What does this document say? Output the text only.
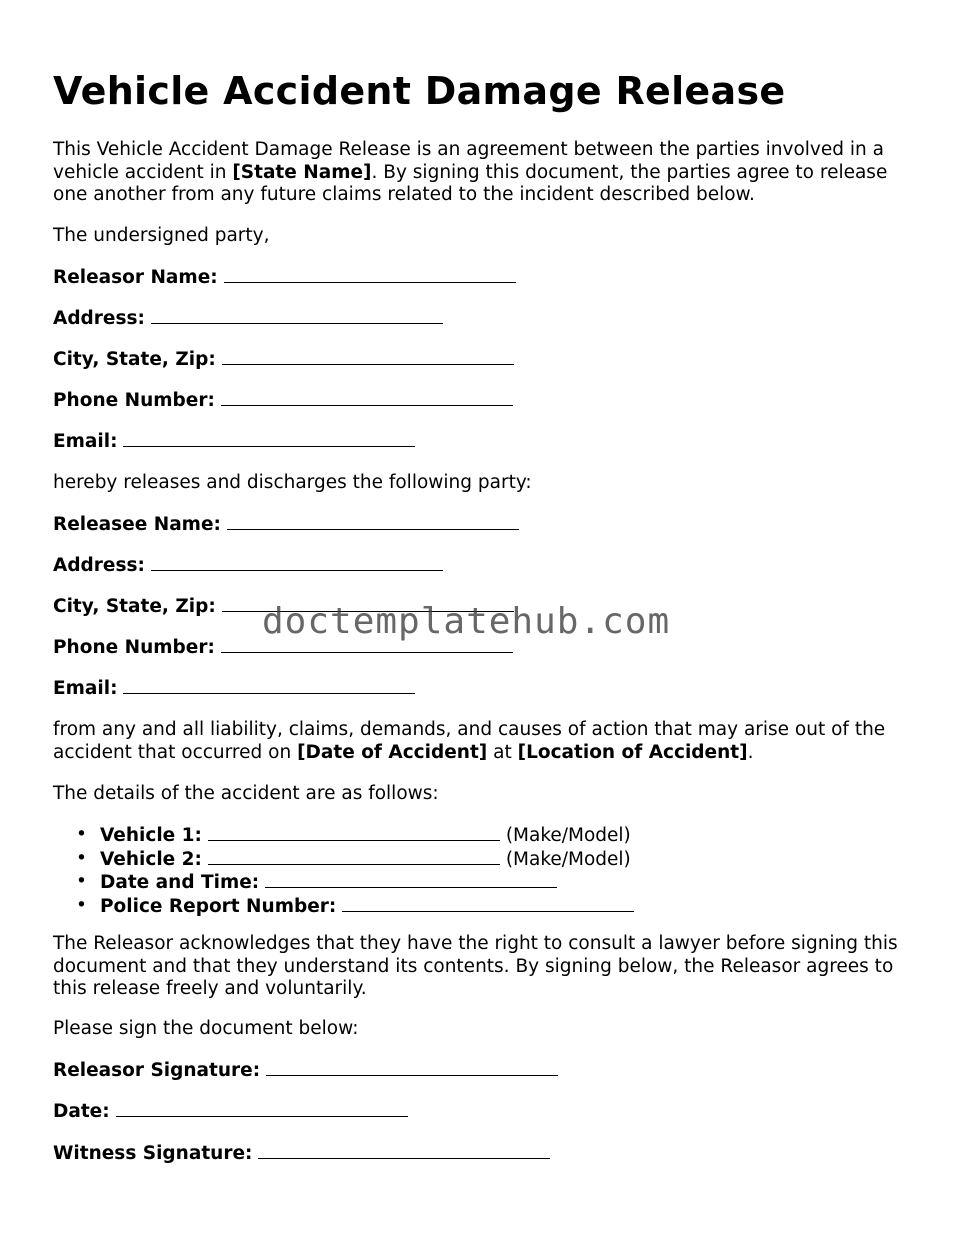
Vehicle Accident Damage Release

This Vehicle Accident Damage Release is an agreement between the parties involved in a
vehicle accident in [State Name]. By signing this document, the parties agree to release
one another from any future claims related to the incident described below.

The undersigned party,

Releasor Name:

Address:

City, State, Zip:

Phone Number:

Email:

hereby releases and discharges the following party:

Releasee Name:

Address:

City, State, Zip:

Phone Number:

Email:

from any and all liability, claims, demands, and causes of action that may arise out of the
accident that occurred on [Date of Accident] at [Location of Accident].

The details of the accident are as follows:

• Vehicle 1:	(Make/Model)
• Vehicle 2:	(Make/Model)
• Date and Time:
• Police Report Number:

The Releasor acknowledges that they have the right to consult a lawyer before signing this
document and that they understand its contents. By signing below, the Releasor agrees to
this release freely and voluntarily.

Please sign the document below:

Releasor Signature:

Date:

Witness Signature:

doctemplatehub.com
